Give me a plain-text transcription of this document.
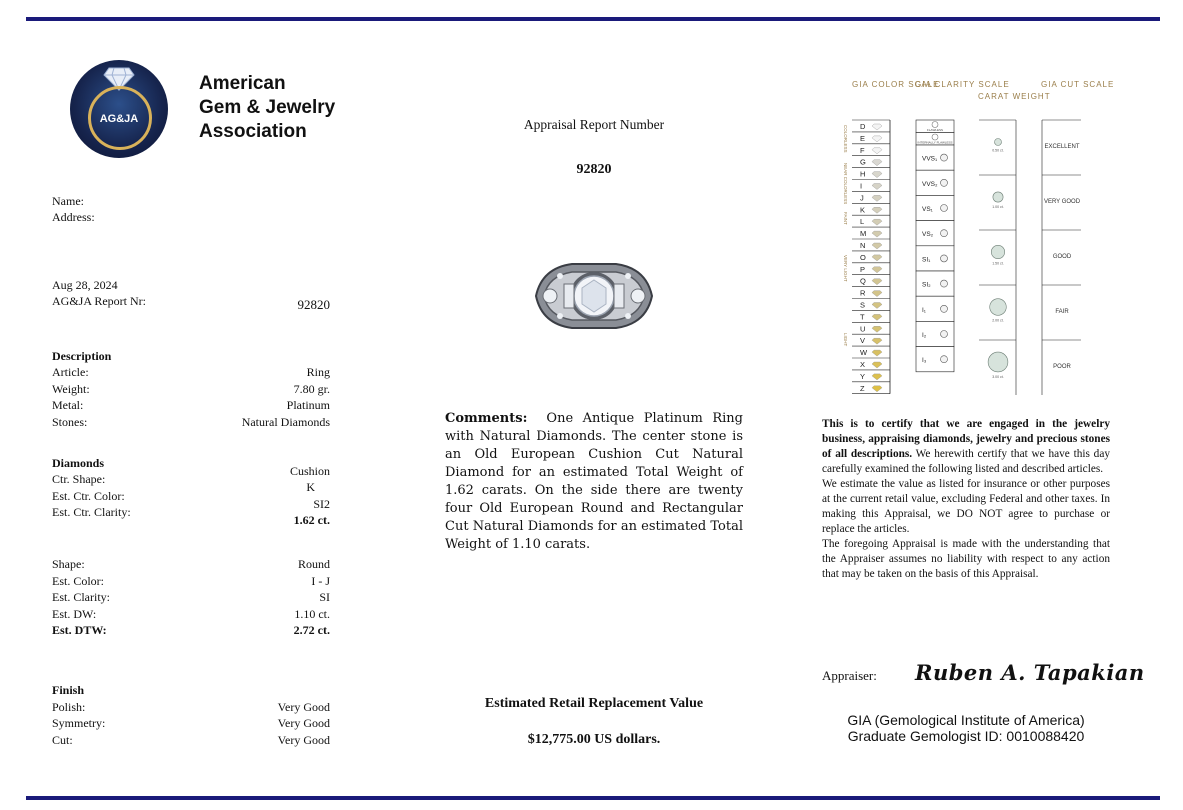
AG&JA
American
Gem & Jewelry
Association
Name:
Address:
Aug 28, 2024
AG&JA Report Nr:	92820
Description
Article:	Ring
Weight:	7.80 gr.
Metal:	Platinum
Stones:	Natural Diamonds
Diamonds
Ctr. Shape:
Cushion
Est. Ctr. Color:
K
Est. Ctr. Clarity:
SI2
1.62 ct.
Shape:	Round
Est. Color:	I - J
Est. Clarity:	SI
Est. DW:	1.10 ct.
Est. DTW:	2.72 ct.
Finish
Polish:	Very Good
Symmetry:	Very Good
Cut:	Very Good
Appraisal Report Number
92820
Comments: One Antique Platinum Ring with Natural Diamonds. The center stone is an Old European Cushion Cut Natural Diamond for an estimated Total Weight of 1.62 carats. On the side there are twenty four Old European Round and Rectangular Cut Natural Diamonds for an estimated Total Weight of 1.10 carats.
Estimated Retail Replacement Value
$12,775.00 US dollars.
GIA COLOR SCALE
GIA CLARITY SCALE
CARAT WEIGHT
GIA CUT SCALE
D
E
F
G
H
I
J
K
L
M
N
O
P
Q
R
S
T
U
V
W
X
Y
Z
COLORLESS
NEAR COLORLESS
FAINT
VERY LIGHT
LIGHT
FLAWLESS
INTERNALLY FLAWLESS
VVS₁
VVS₂
VS₁
VS₂
SI₁
SI₂
I₁
I₂
I₃
0.50 ct.
1.00 ct.
1.50 ct.
2.00 ct.
3.00 ct.
EXCELLENT
VERY GOOD
GOOD
FAIR
POOR
This is to certify that we are engaged in the jewelry business, appraising diamonds, jewelry and precious stones of all descriptions. We herewith certify that we have this day carefully examined the following listed and described articles.
We estimate the value as listed for insurance or other purposes at the current retail value, excluding Federal and other taxes. In making this Appraisal, we DO NOT agree to purchase or replace the articles.
The foregoing Appraisal is made with the understanding that the Appraiser assumes no liability with respect to any action that may be taken on the basis of this Appraisal.
Appraiser: Ruben A. Tapakian
GIA (Gemological Institute of America)
Graduate Gemologist ID: 0010088420
